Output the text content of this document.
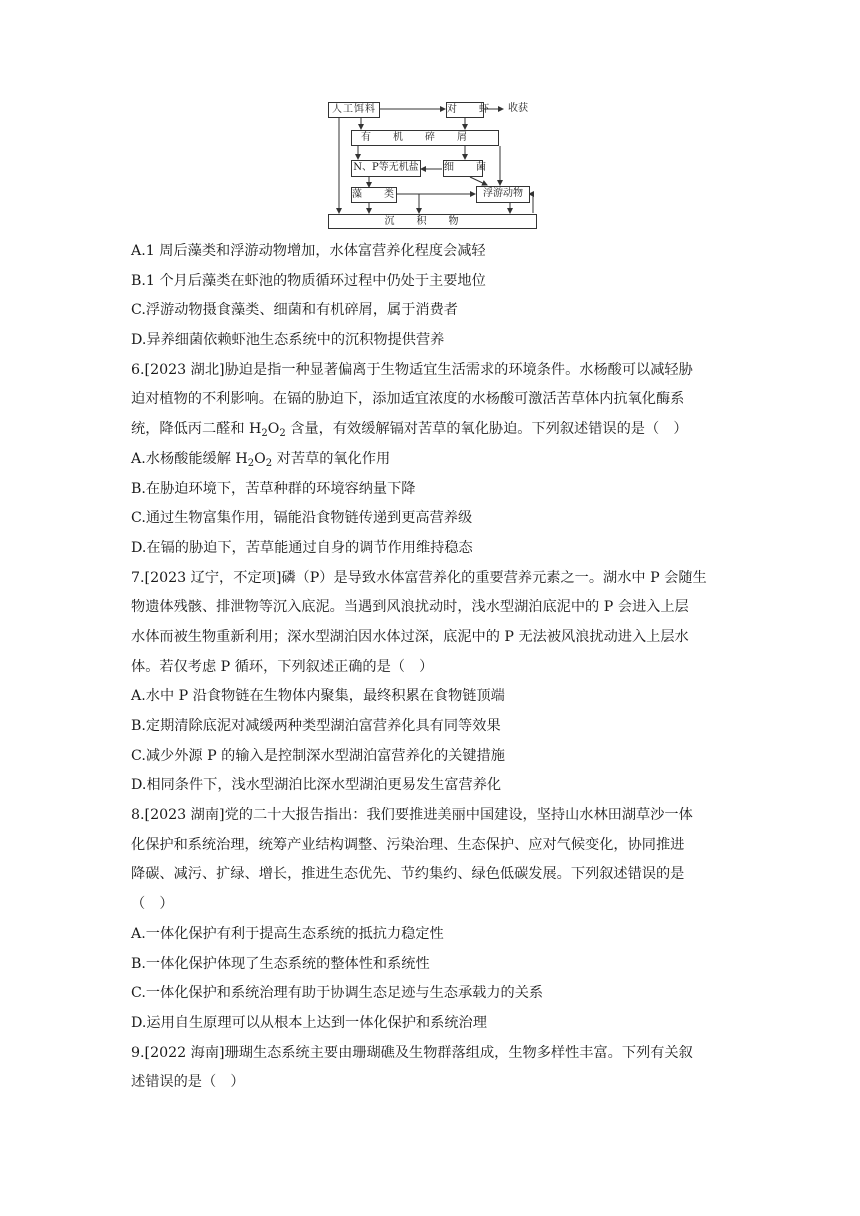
人工饵料	对虾
收获
有机碎屑
N、P等无机盐	细菌
藻类	浮游动物
沉积物
A.1 周后藻类和浮游动物增加，水体富营养化程度会减轻
B.1 个月后藻类在虾池的物质循环过程中仍处于主要地位
C.浮游动物摄食藻类、细菌和有机碎屑，属于消费者
D.异养细菌依赖虾池生态系统中的沉积物提供营养
6.[2023 湖北]胁迫是指一种显著偏离于生物适宜生活需求的环境条件。水杨酸可以减轻胁
迫对植物的不利影响。在镉的胁迫下，添加适宜浓度的水杨酸可激活苦草体内抗氧化酶系
统，降低丙二醛和 $H_2O_2$ 含量，有效缓解镉对苦草的氧化胁迫。下列叙述错误的是（　）
A.水杨酸能缓解 $H_2O_2$ 对苦草的氧化作用
B.在胁迫环境下，苦草种群的环境容纳量下降
C.通过生物富集作用，镉能沿食物链传递到更高营养级
D.在镉的胁迫下，苦草能通过自身的调节作用维持稳态
7.[2023 辽宁，不定项]磷（P）是导致水体富营养化的重要营养元素之一。湖水中 P 会随生
物遗体残骸、排泄物等沉入底泥。当遇到风浪扰动时，浅水型湖泊底泥中的 P 会进入上层
水体而被生物重新利用；深水型湖泊因水体过深，底泥中的 P 无法被风浪扰动进入上层水
体。若仅考虑 P 循环，下列叙述正确的是（　）
A.水中 P 沿食物链在生物体内聚集，最终积累在食物链顶端
B.定期清除底泥对减缓两种类型湖泊富营养化具有同等效果
C.减少外源 P 的输入是控制深水型湖泊富营养化的关键措施
D.相同条件下，浅水型湖泊比深水型湖泊更易发生富营养化
8.[2023 湖南]党的二十大报告指出：我们要推进美丽中国建设，坚持山水林田湖草沙一体
化保护和系统治理，统筹产业结构调整、污染治理、生态保护、应对气候变化，协同推进
降碳、减污、扩绿、增长，推进生态优先、节约集约、绿色低碳发展。下列叙述错误的是
（　）
A.一体化保护有利于提高生态系统的抵抗力稳定性
B.一体化保护体现了生态系统的整体性和系统性
C.一体化保护和系统治理有助于协调生态足迹与生态承载力的关系
D.运用自生原理可以从根本上达到一体化保护和系统治理
9.[2022 海南]珊瑚生态系统主要由珊瑚礁及生物群落组成，生物多样性丰富。下列有关叙
述错误的是（　）
